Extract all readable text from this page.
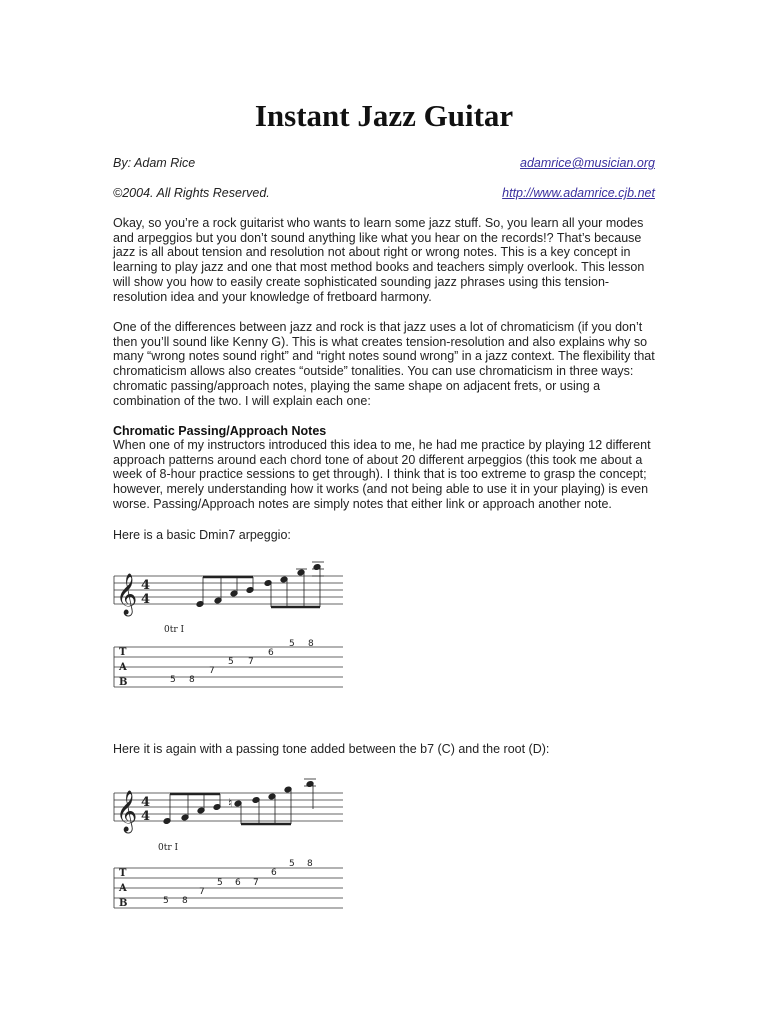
Instant Jazz Guitar
By: Adam Rice	adamrice@musician.org
©2004. All Rights Reserved.	http://www.adamrice.cjb.net
Okay, so you’re a rock guitarist who wants to learn some jazz stuff. So, you learn all your modes and arpeggios but you don’t sound anything like what you hear on the records!? That’s because jazz is all about tension and resolution not about right or wrong notes. This is a key concept in learning to play jazz and one that most method books and teachers simply overlook. This lesson will show you how to easily create sophisticated sounding jazz phrases using this tension-resolution idea and your knowledge of fretboard harmony.
One of the differences between jazz and rock is that jazz uses a lot of chromaticism (if you don’t then you’ll sound like Kenny G). This is what creates tension-resolution and also explains why so many “wrong notes sound right” and “right notes sound wrong” in a jazz context. The flexibility that chromaticism allows also creates “outside” tonalities. You can use chromaticism in three ways: chromatic passing/approach notes, playing the same shape on adjacent frets, or using a combination of the two. I will explain each one:
Chromatic Passing/Approach Notes
When one of my instructors introduced this idea to me, he had me practice by playing 12 different approach patterns around each chord tone of about 20 different arpeggios (this took me about a week of 8-hour practice sessions to get through). I think that is too extreme to grasp the concept; however, merely understanding how it works (and not being able to use it in your playing) is even worse. Passing/Approach notes are simply notes that either link or approach another note.
Here is a basic Dmin7 arpeggio:
𝄞 4
4
0tr I
T
A
B	5 8
7
5 7
6
5 8
Here it is again with a passing tone added between the b7 (C) and the root (D):
𝄞 4
4
♮
0tr I
T
A
B	5 8
7
5 6 7
6
5 8
